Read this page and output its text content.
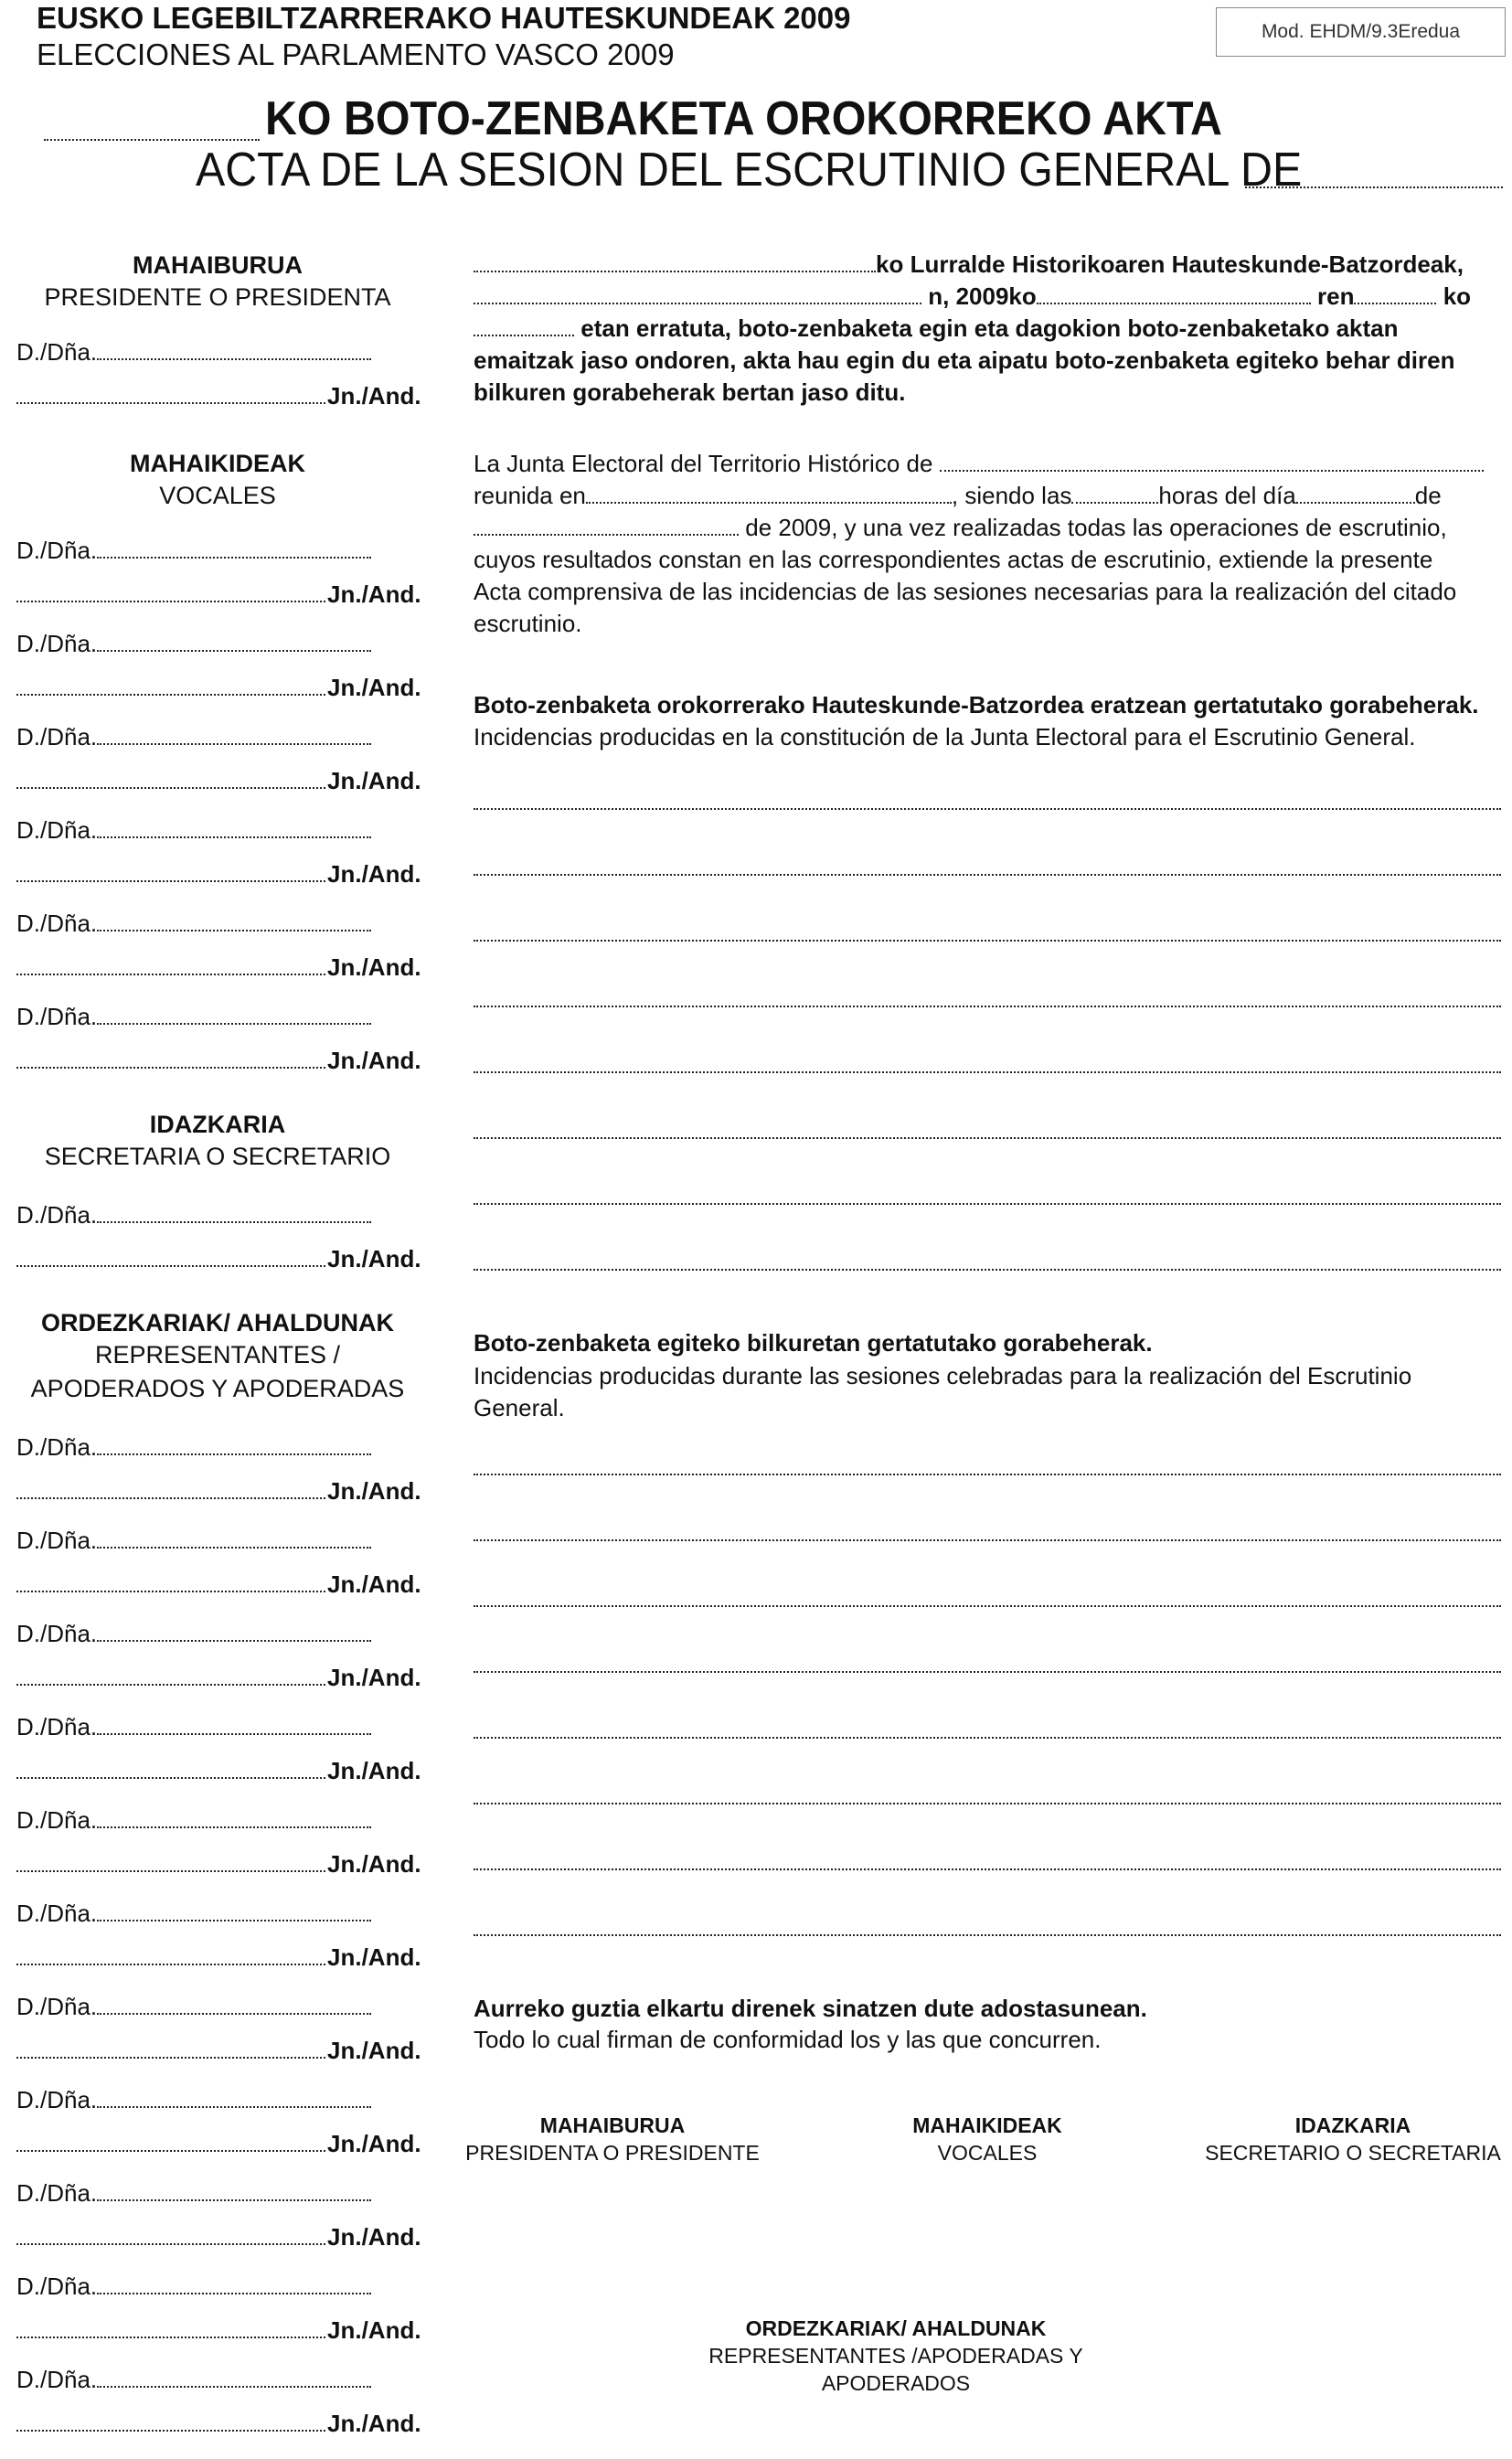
EUSKO LEGEBILTZARRERAKO HAUTESKUNDEAK 2009
ELECCIONES AL PARLAMENTO VASCO 2009
Mod. EHDM/9.3Eredua
KO BOTO-ZENBAKETA OROKORREKO AKTA
ACTA DE LA SESION DEL ESCRUTINIO GENERAL DE
MAHAIBURUA
PRESIDENTE O PRESIDENTA
D./Dña.
Jn./And.
MAHAIKIDEAK
VOCALES
D./Dña.
Jn./And.
D./Dña.
Jn./And.
D./Dña.
Jn./And.
D./Dña.
Jn./And.
D./Dña.
Jn./And.
D./Dña.
Jn./And.
IDAZKARIA
SECRETARIA O SECRETARIO
D./Dña.
Jn./And.
ORDEZKARIAK/ AHALDUNAK
REPRESENTANTES /
APODERADOS Y APODERADAS
D./Dña.
Jn./And.
D./Dña.
Jn./And.
D./Dña.
Jn./And.
D./Dña.
Jn./And.
D./Dña.
Jn./And.
D./Dña.
Jn./And.
D./Dña.
Jn./And.
D./Dña.
Jn./And.
D./Dña.
Jn./And.
D./Dña.
Jn./And.
D./Dña.
Jn./And.
ko Lurralde Historikoaren Hauteskunde-Batzordeak,
n, 2009ko	ren	ko
etan erratuta, boto-zenbaketa egin eta dagokion boto-zenbaketako aktan
emaitzak jaso ondoren, akta hau egin du eta aipatu boto-zenbaketa egiteko behar diren
bilkuren gorabeherak bertan jaso ditu.
La Junta Electoral del Territorio Histórico de
reunida en	, siendo las	horas del día	de
de 2009, y una vez realizadas todas las operaciones de escrutinio,
cuyos resultados constan en las correspondientes actas de escrutinio, extiende la presente
Acta comprensiva de las incidencias de las sesiones necesarias para la realización del citado
escrutinio.
Boto-zenbaketa orokorrerako Hauteskunde-Batzordea eratzean gertatutako gorabeherak.
Incidencias producidas en la constitución de la Junta Electoral para el Escrutinio General.
Boto-zenbaketa egiteko bilkuretan gertatutako gorabeherak.
Incidencias producidas durante las sesiones celebradas para la realización del Escrutinio
General.
Aurreko guztia elkartu direnek sinatzen dute adostasunean.
Todo lo cual firman de conformidad los y las que concurren.
MAHAIBURUA
PRESIDENTA O PRESIDENTE
MAHAIKIDEAK
VOCALES
IDAZKARIA
SECRETARIO O SECRETARIA
ORDEZKARIAK/ AHALDUNAK
REPRESENTANTES /APODERADAS Y APODERADOS
